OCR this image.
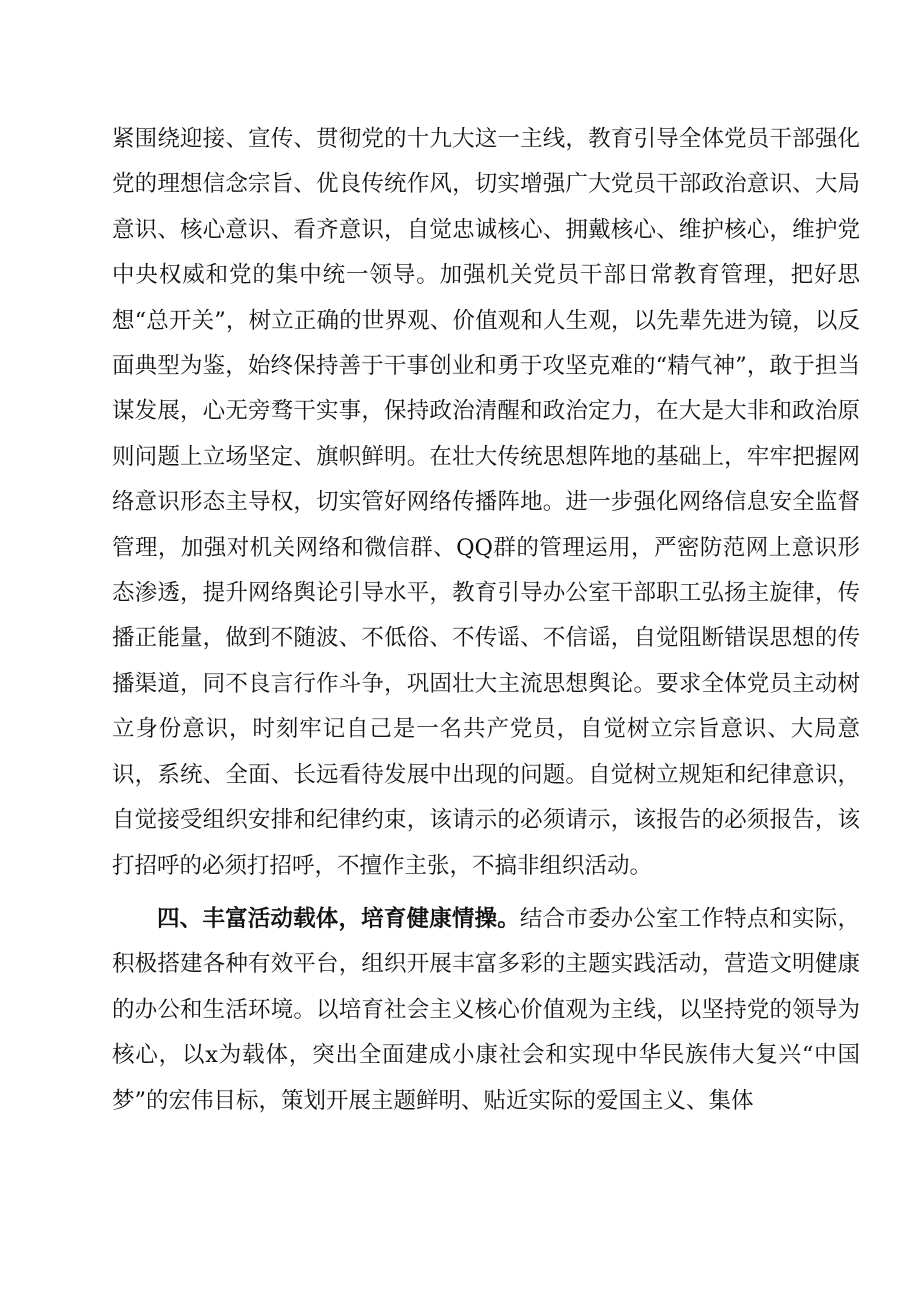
紧围绕迎接、宣传、贯彻党的十九大这一主线，教育引导全体党员干部强化党的理想信念宗旨、优良传统作风，切实增强广大党员干部政治意识、大局意识、核心意识、看齐意识，自觉忠诚核心、拥戴核心、维护核心，维护党中央权威和党的集中统一领导。加强机关党员干部日常教育管理，把好思想“总开关”，树立正确的世界观、价值观和人生观，以先辈先进为镜，以反面典型为鉴，始终保持善于干事创业和勇于攻坚克难的“精气神”，敢于担当谋发展，心无旁骛干实事，保持政治清醒和政治定力，在大是大非和政治原则问题上立场坚定、旗帜鲜明。在壮大传统思想阵地的基础上，牢牢把握网络意识形态主导权，切实管好网络传播阵地。进一步强化网络信息安全监督管理，加强对机关网络和微信群、QQ群的管理运用，严密防范网上意识形态渗透，提升网络舆论引导水平，教育引导办公室干部职工弘扬主旋律，传播正能量，做到不随波、不低俗、不传谣、不信谣，自觉阻断错误思想的传播渠道，同不良言行作斗争，巩固壮大主流思想舆论。要求全体党员主动树立身份意识，时刻牢记自己是一名共产党员，自觉树立宗旨意识、大局意识，系统、全面、长远看待发展中出现的问题。自觉树立规矩和纪律意识，自觉接受组织安排和纪律约束，该请示的必须请示，该报告的必须报告，该打招呼的必须打招呼，不擅作主张，不搞非组织活动。

四、丰富活动载体，培育健康情操。结合市委办公室工作特点和实际，积极搭建各种有效平台，组织开展丰富多彩的主题实践活动，营造文明健康的办公和生活环境。以培育社会主义核心价值观为主线，以坚持党的领导为核心，以x为载体，突出全面建成小康社会和实现中华民族伟大复兴“中国梦”的宏伟目标，策划开展主题鲜明、贴近实际的爱国主义、集体
